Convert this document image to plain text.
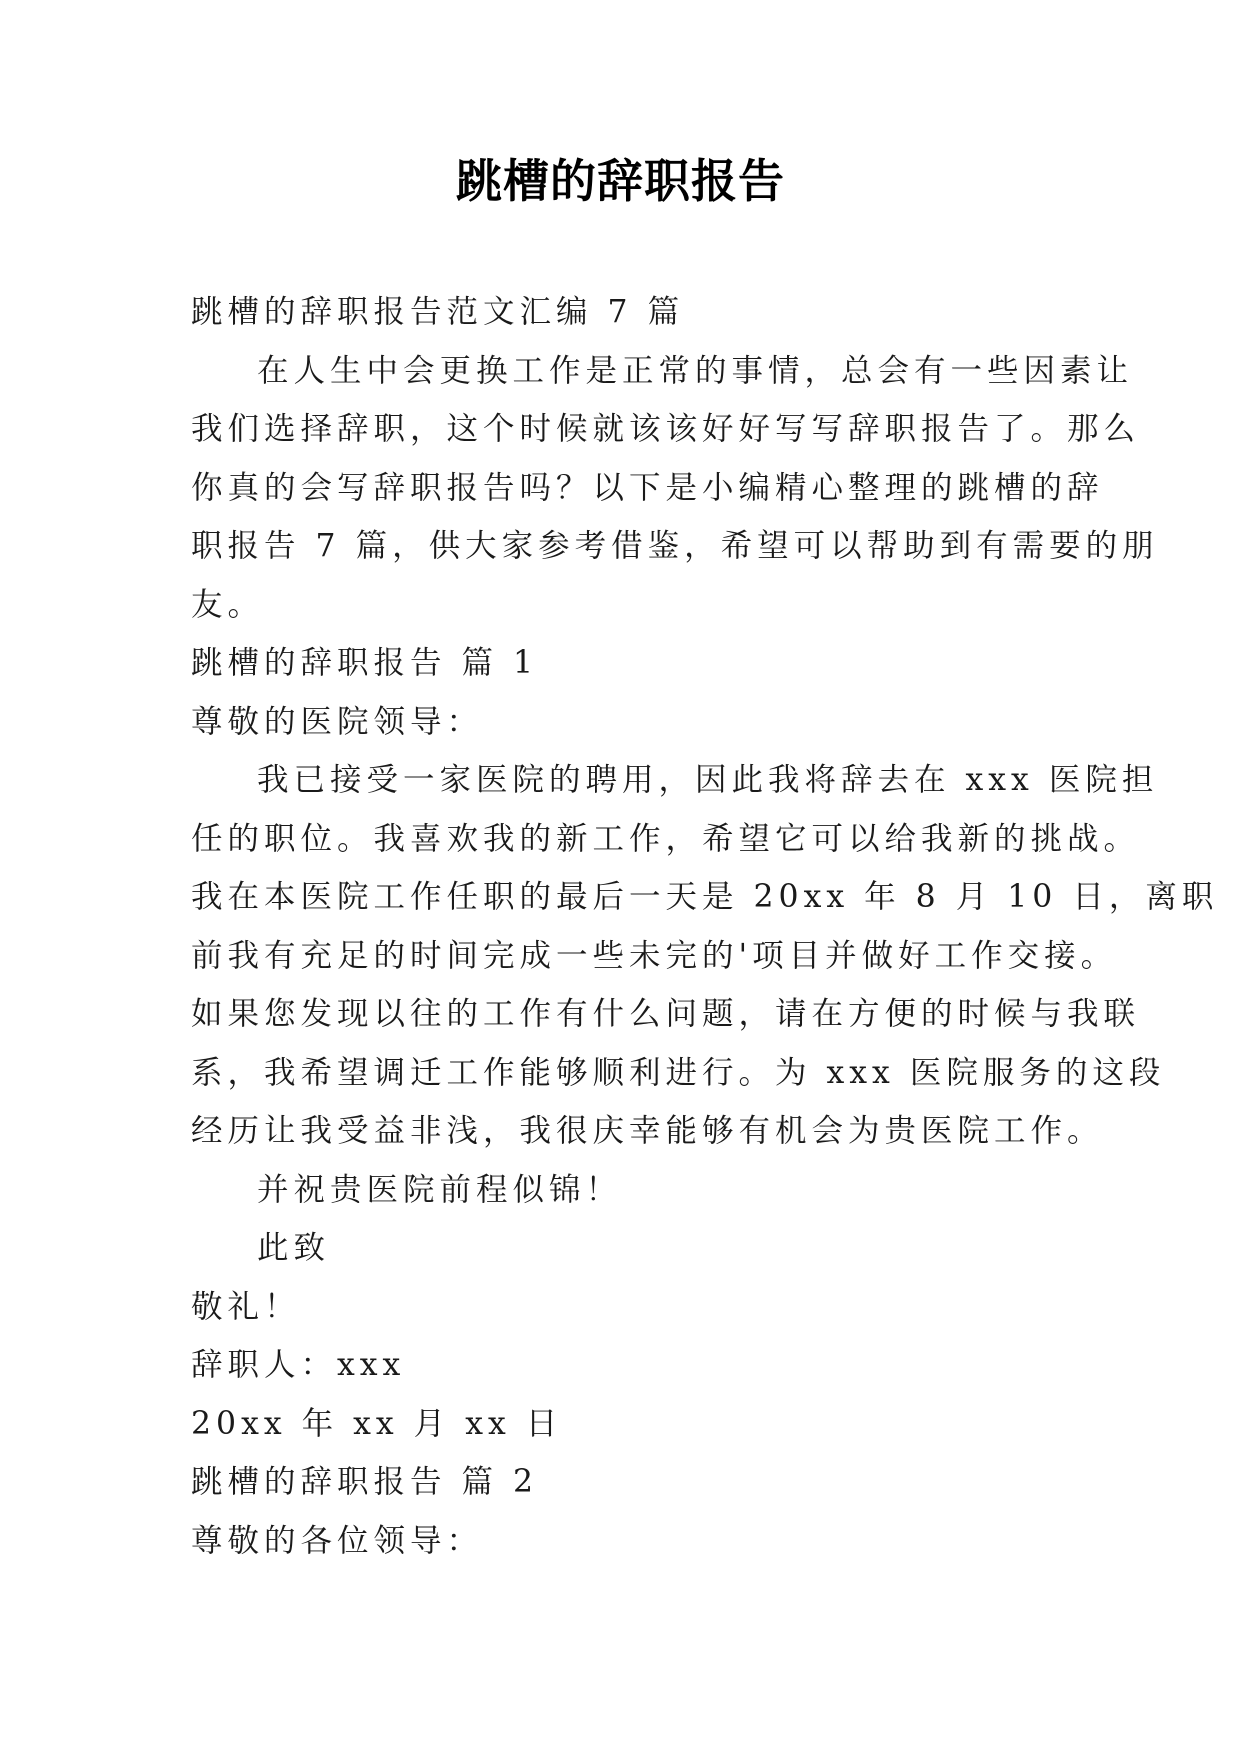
跳槽的辞职报告
跳槽的辞职报告范文汇编 7 篇
在人生中会更换工作是正常的事情，总会有一些因素让
我们选择辞职，这个时候就该该好好写写辞职报告了。那么
你真的会写辞职报告吗？以下是小编精心整理的跳槽的辞
职报告 7 篇，供大家参考借鉴，希望可以帮助到有需要的朋
友。
跳槽的辞职报告 篇 1
尊敬的医院领导：
我已接受一家医院的聘用，因此我将辞去在 xxx 医院担
任的职位。我喜欢我的新工作，希望它可以给我新的挑战。
我在本医院工作任职的最后一天是 20xx 年 8 月 10 日，离职
前我有充足的时间完成一些未完的'项目并做好工作交接。
如果您发现以往的工作有什么问题，请在方便的时候与我联
系，我希望调迁工作能够顺利进行。为 xxx 医院服务的这段
经历让我受益非浅，我很庆幸能够有机会为贵医院工作。
并祝贵医院前程似锦！
此致
敬礼！
辞职人：xxx
20xx 年 xx 月 xx 日
跳槽的辞职报告 篇 2
尊敬的各位领导：
